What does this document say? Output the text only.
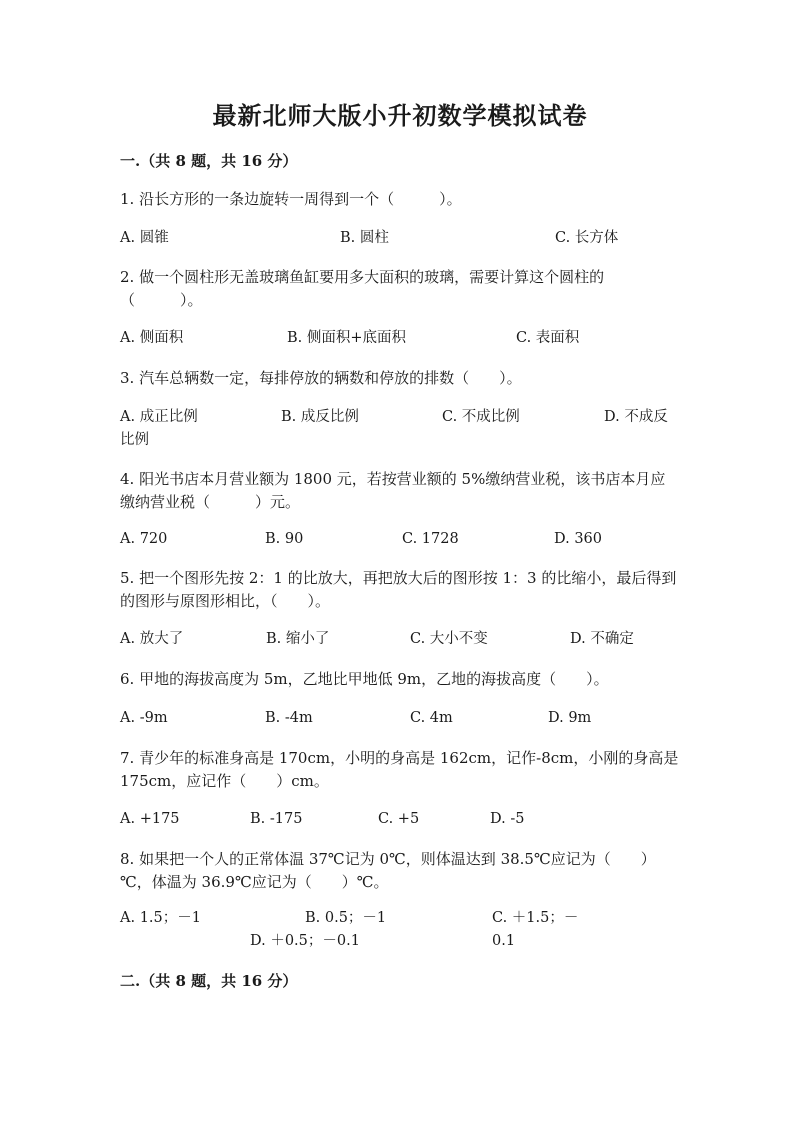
最新北师大版小升初数学模拟试卷
一.（共 8 题，共 16 分）
1. 沿长方形的一条边旋转一周得到一个（　　　）。
A. 圆锥	B. 圆柱	C. 长方体
2. 做一个圆柱形无盖玻璃鱼缸要用多大面积的玻璃，需要计算这个圆柱的（　　　）。
A. 侧面积	B. 侧面积+底面积	C. 表面积
3. 汽车总辆数一定，每排停放的辆数和停放的排数（　　）。
A. 成正比例	B. 成反比例	C. 不成比例	D. 不成反比例
4. 阳光书店本月营业额为 1800 元，若按营业额的 5%缴纳营业税，该书店本月应缴纳营业税（　　　）元。
A. 720	B. 90	C. 1728	D. 360
5. 把一个图形先按 2：1 的比放大，再把放大后的图形按 1：3 的比缩小，最后得到的图形与原图形相比，（　　）。
A. 放大了	B. 缩小了	C. 大小不变	D. 不确定
6. 甲地的海拔高度为 5m，乙地比甲地低 9m，乙地的海拔高度（　　）。
A. -9m	B. -4m	C. 4m	D. 9m
7. 青少年的标准身高是 170cm，小明的身高是 162cm，记作-8cm，小刚的身高是 175cm，应记作（　　）cm。
A. +175	B. -175	C. +5	D. -5
8. 如果把一个人的正常体温 37℃记为 0℃，则体温达到 38.5℃应记为（　　）℃，体温为 36.9℃应记为（　　）℃。
A. 1.5；－1	B. 0.5；－1	C. ＋1.5；－0.1
D. ＋0.5；－0.1
二.（共 8 题，共 16 分）
